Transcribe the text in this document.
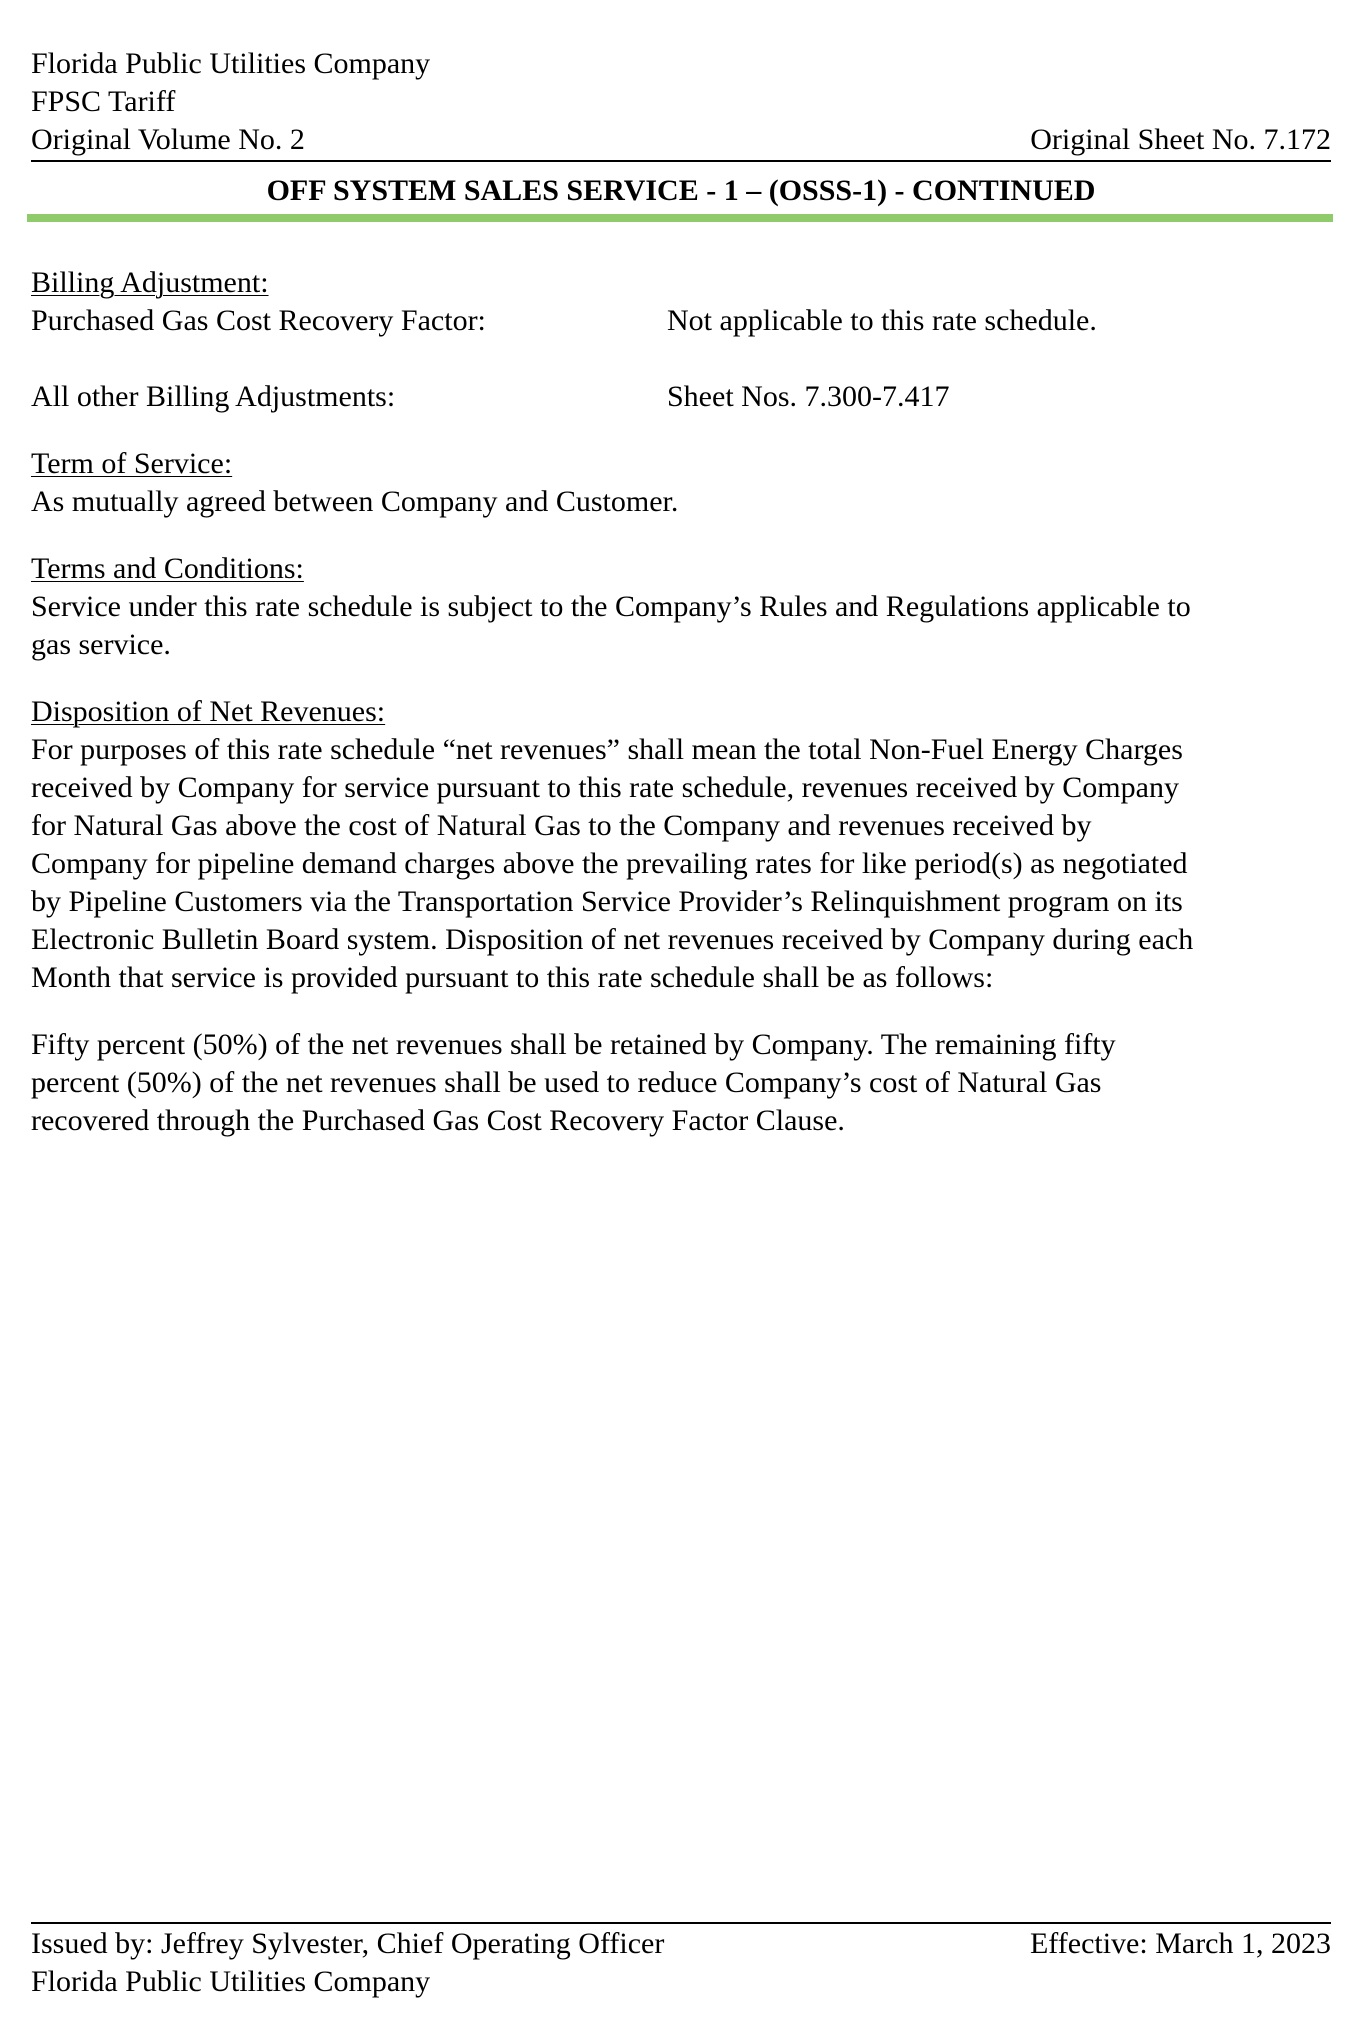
Florida Public Utilities Company
FPSC Tariff
Original Volume No. 2	Original Sheet No. 7.172
OFF SYSTEM SALES SERVICE - 1 – (OSSS-1) - CONTINUED
Billing Adjustment:
Purchased Gas Cost Recovery Factor:	Not applicable to this rate schedule.
All other Billing Adjustments:	Sheet Nos. 7.300-7.417
Term of Service:
As mutually agreed between Company and Customer.
Terms and Conditions:
Service under this rate schedule is subject to the Company’s Rules and Regulations applicable to
gas service.
Disposition of Net Revenues:
For purposes of this rate schedule “net revenues” shall mean the total Non-Fuel Energy Charges
received by Company for service pursuant to this rate schedule, revenues received by Company
for Natural Gas above the cost of Natural Gas to the Company and revenues received by
Company for pipeline demand charges above the prevailing rates for like period(s) as negotiated
by Pipeline Customers via the Transportation Service Provider’s Relinquishment program on its
Electronic Bulletin Board system. Disposition of net revenues received by Company during each
Month that service is provided pursuant to this rate schedule shall be as follows:
Fifty percent (50%) of the net revenues shall be retained by Company. The remaining fifty
percent (50%) of the net revenues shall be used to reduce Company’s cost of Natural Gas
recovered through the Purchased Gas Cost Recovery Factor Clause.
Issued by: Jeffrey Sylvester, Chief Operating Officer	Effective: March 1, 2023
Florida Public Utilities Company
